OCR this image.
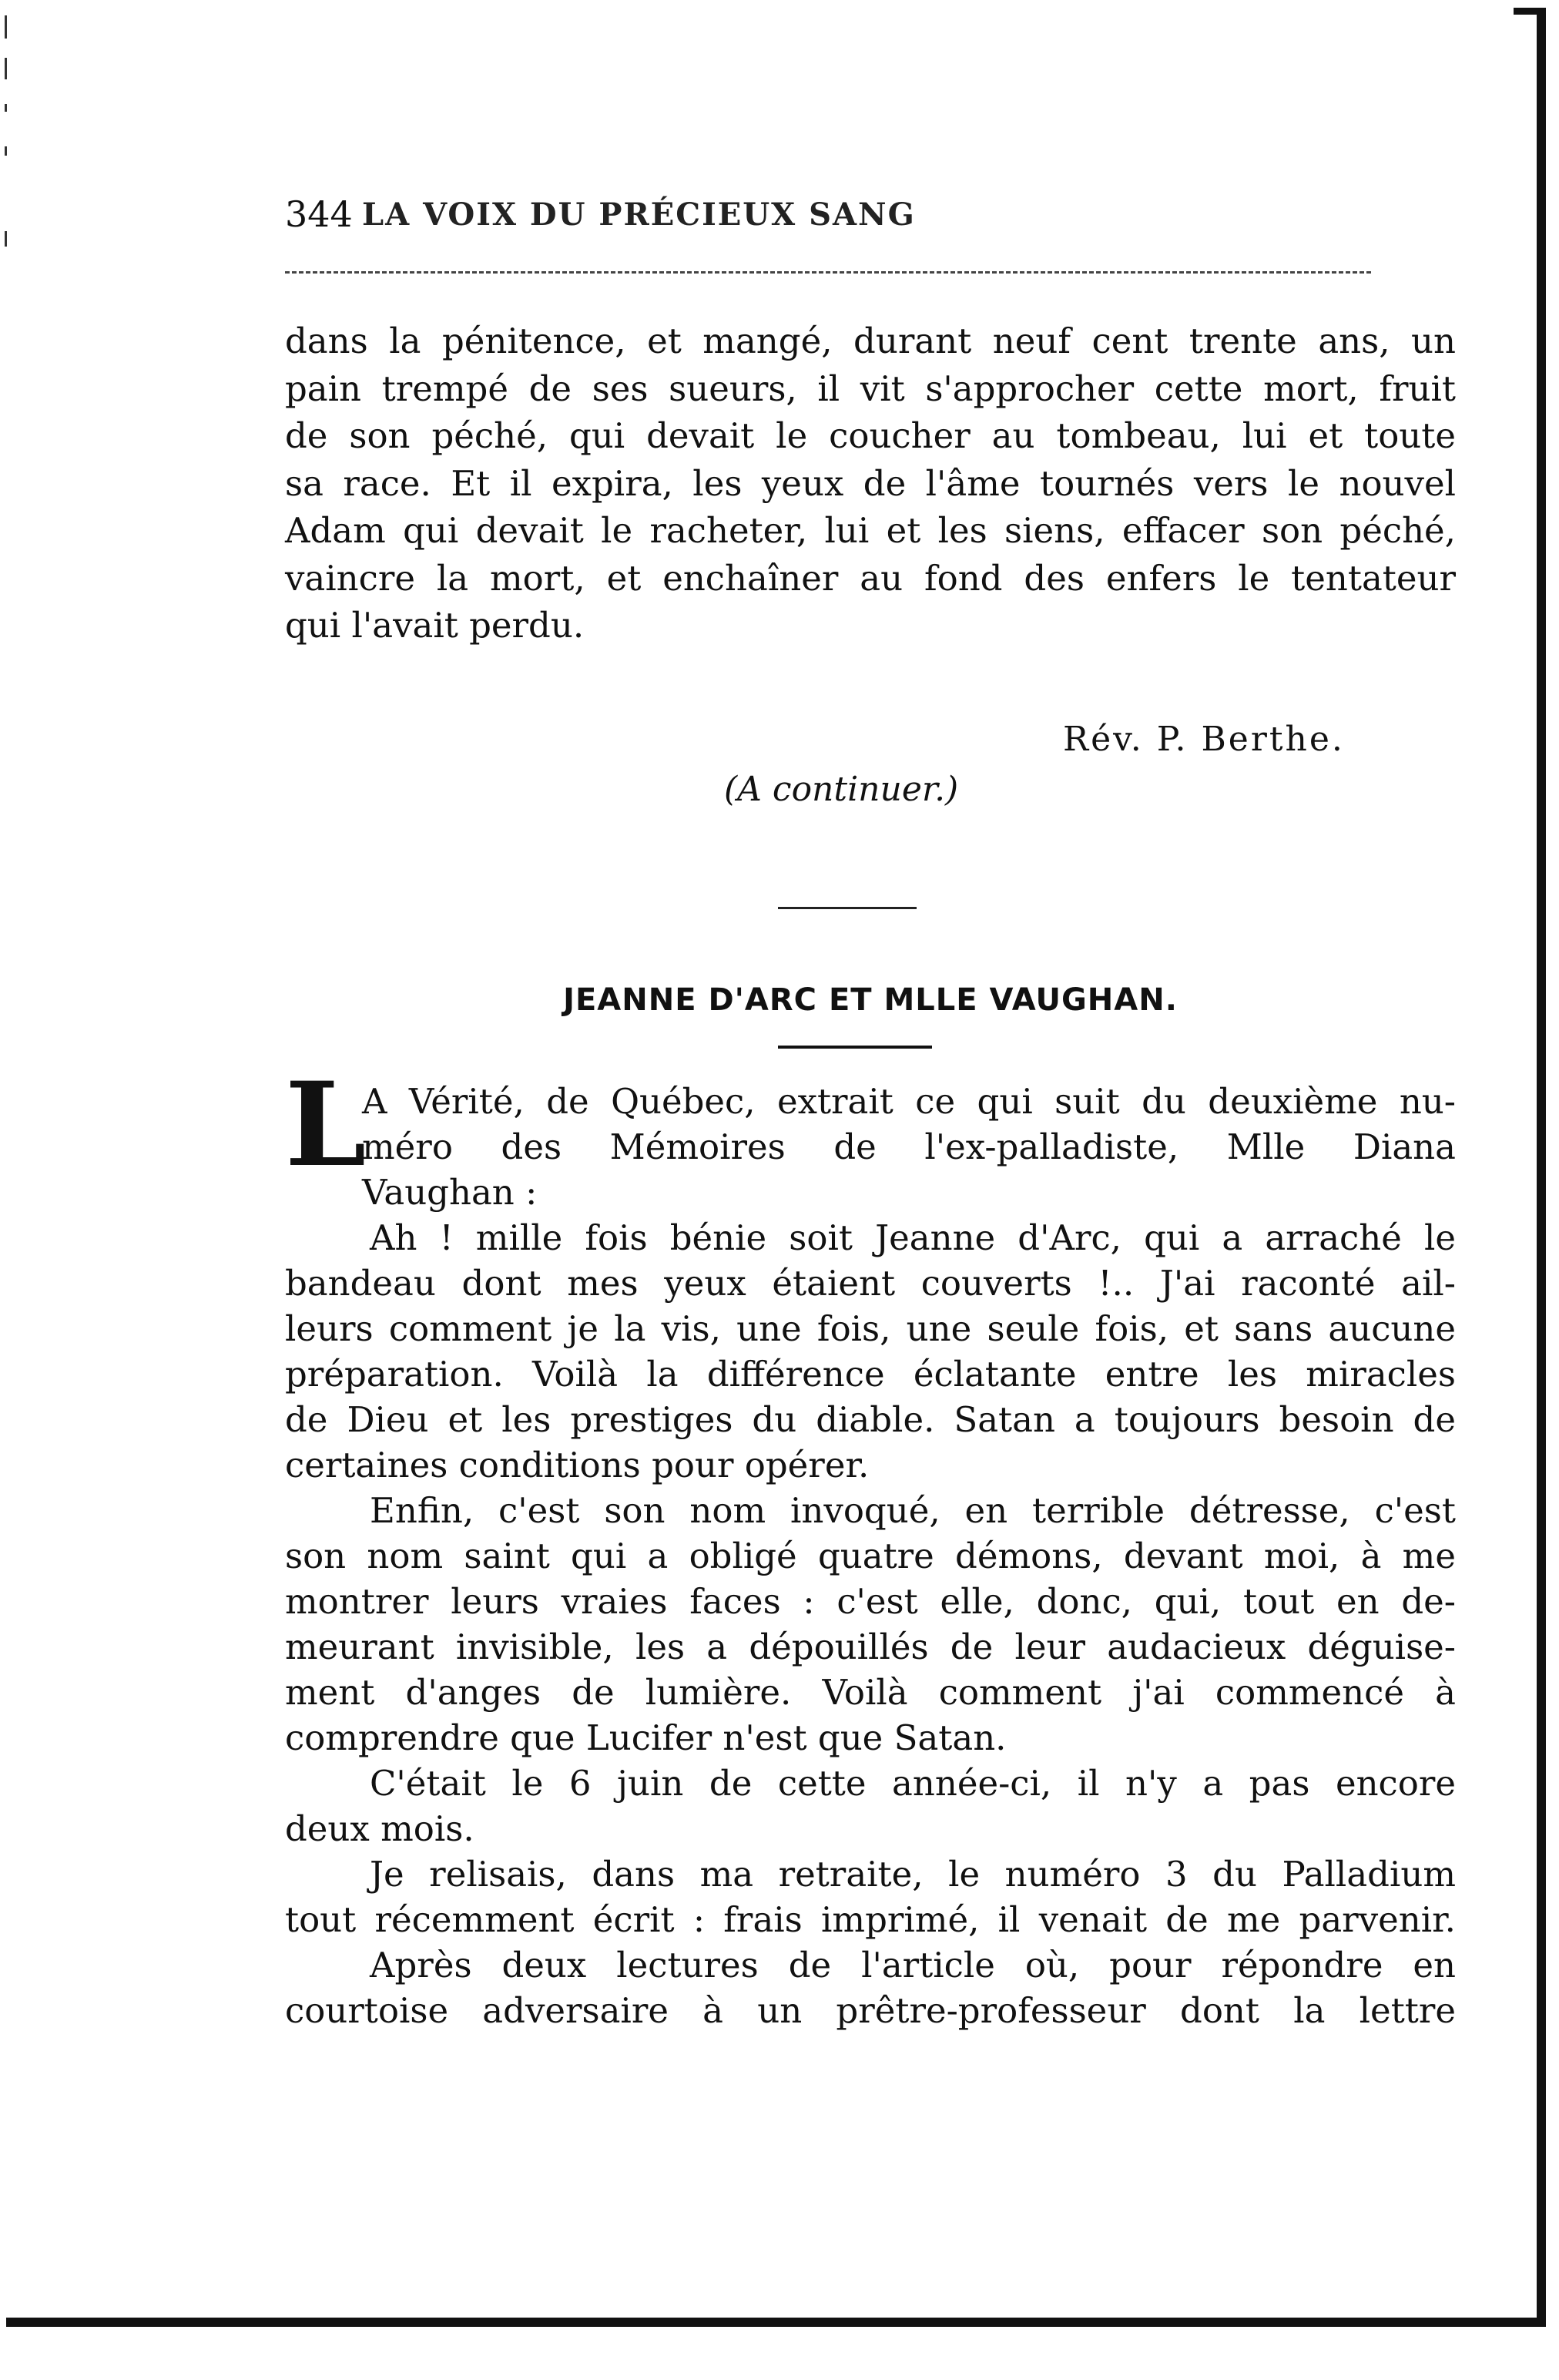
344 LA VOIX DU PRÉCIEUX SANG
dans la pénitence, et mangé, durant neuf cent trente ans, un
pain trempé de ses sueurs, il vit s'approcher cette mort, fruit
de son péché, qui devait le coucher au tombeau, lui et toute
sa race. Et il expira, les yeux de l'âme tournés vers le nouvel
Adam qui devait le racheter, lui et les siens, effacer son péché,
vaincre la mort, et enchaîner au fond des enfers le tentateur
qui l'avait perdu.
Rév. P. Berthe.
(A continuer.)
JEANNE D'ARC ET MLLE VAUGHAN.
L
A Vérité, de Québec, extrait ce qui suit du deuxième nu-
méro des Mémoires de l'ex-palladiste, Mlle Diana
Vaughan :
Ah ! mille fois bénie soit Jeanne d'Arc, qui a arraché le
bandeau dont mes yeux étaient couverts !.. J'ai raconté ail-
leurs comment je la vis, une fois, une seule fois, et sans aucune
préparation. Voilà la différence éclatante entre les miracles
de Dieu et les prestiges du diable. Satan a toujours besoin de
certaines conditions pour opérer.
Enfin, c'est son nom invoqué, en terrible détresse, c'est
son nom saint qui a obligé quatre démons, devant moi, à me
montrer leurs vraies faces : c'est elle, donc, qui, tout en de-
meurant invisible, les a dépouillés de leur audacieux déguise-
ment d'anges de lumière. Voilà comment j'ai commencé à
comprendre que Lucifer n'est que Satan.
C'était le 6 juin de cette année-ci, il n'y a pas encore
deux mois.
Je relisais, dans ma retraite, le numéro 3 du Palladium
tout récemment écrit : frais imprimé, il venait de me parvenir.
Après deux lectures de l'article où, pour répondre en
courtoise adversaire à un prêtre-professeur dont la lettre
